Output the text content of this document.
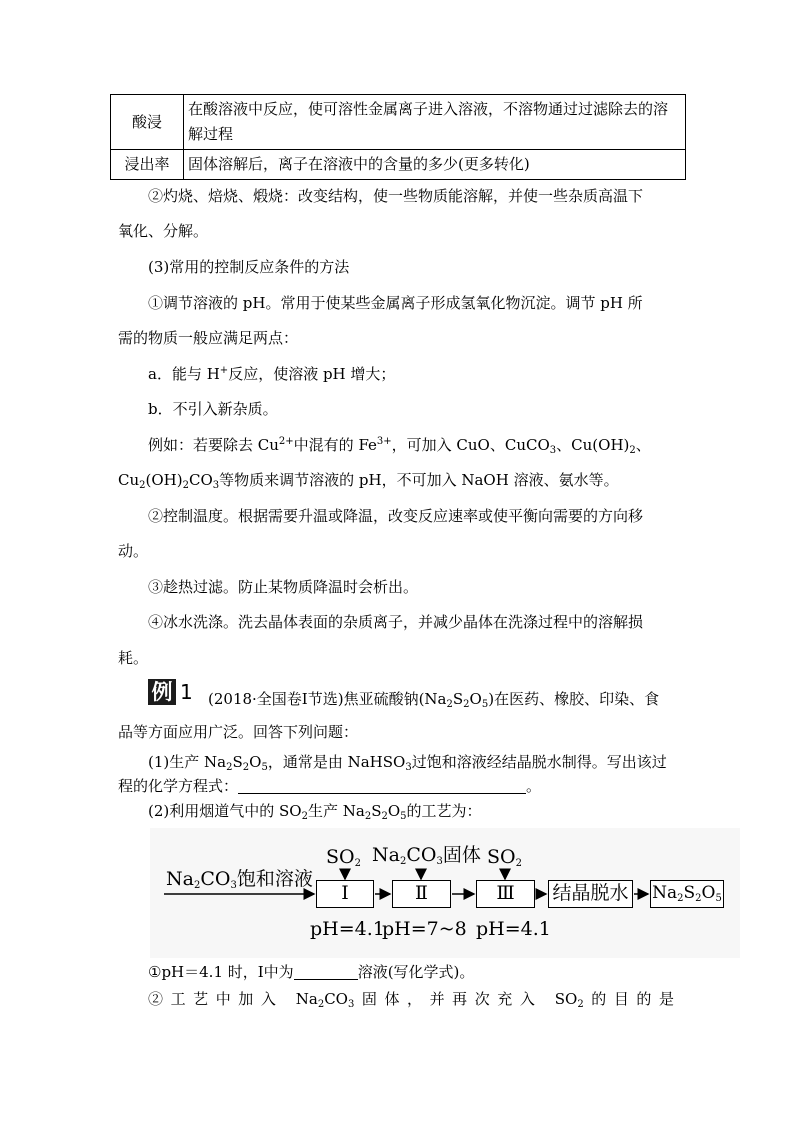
酸浸	在酸溶液中反应，使可溶性金属离子进入溶液，不溶物通过过滤除去的溶解过程
浸出率	固体溶解后，离子在溶液中的含量的多少(更多转化)
②灼烧、焙烧、煅烧：改变结构，使一些物质能溶解，并使一些杂质高温下
氧化、分解。
(3)常用的控制反应条件的方法
①调节溶液的 pH。常用于使某些金属离子形成氢氧化物沉淀。调节 pH 所
需的物质一般应满足两点：
a．能与 H+反应，使溶液 pH 增大；
b．不引入新杂质。
例如：若要除去 $Cu^{2+}$中混有的 $Fe^{3+}$，可加入 CuO、CuCO$_3$、$Cu(OH)_2$、
$Cu_2(OH)_2CO_3$等物质来调节溶液的 pH，不可加入 NaOH 溶液、氨水等。
②控制温度。根据需要升温或降温，改变反应速率或使平衡向需要的方向移
动。
③趁热过滤。防止某物质降温时会析出。
④冰水洗涤。洗去晶体表面的杂质离子，并减少晶体在洗涤过程中的溶解损
耗。
例 1 (2018·全国卷Ⅰ节选)焦亚硫酸钠$(Na_2S_2O_5)$在医药、橡胶、印染、食
品等方面应用广泛。回答下列问题：
(1)生产 $Na_2S_2O_5$，通常是由 NaHSO$_3$过饱和溶液经结晶脱水制得。写出该过
程的化学方程式：	。
(2)利用烟道气中的 $SO_2$生产 $Na_2S_2O_5$的工艺为：
$Na_2CO_3$饱和溶液
$SO_2$ $Na_2CO_3$固体 $SO_2$
Ⅰ	Ⅱ	Ⅲ	结晶脱水 $Na_2S_2O_5$
pH=4.1
pH=7~8 pH=4.1
①pH＝4.1 时，Ⅰ中为	溶液(写化学式)。
②工艺中加入 $Na_2CO_3$固体，并再次充入 $SO_2$的目的是
